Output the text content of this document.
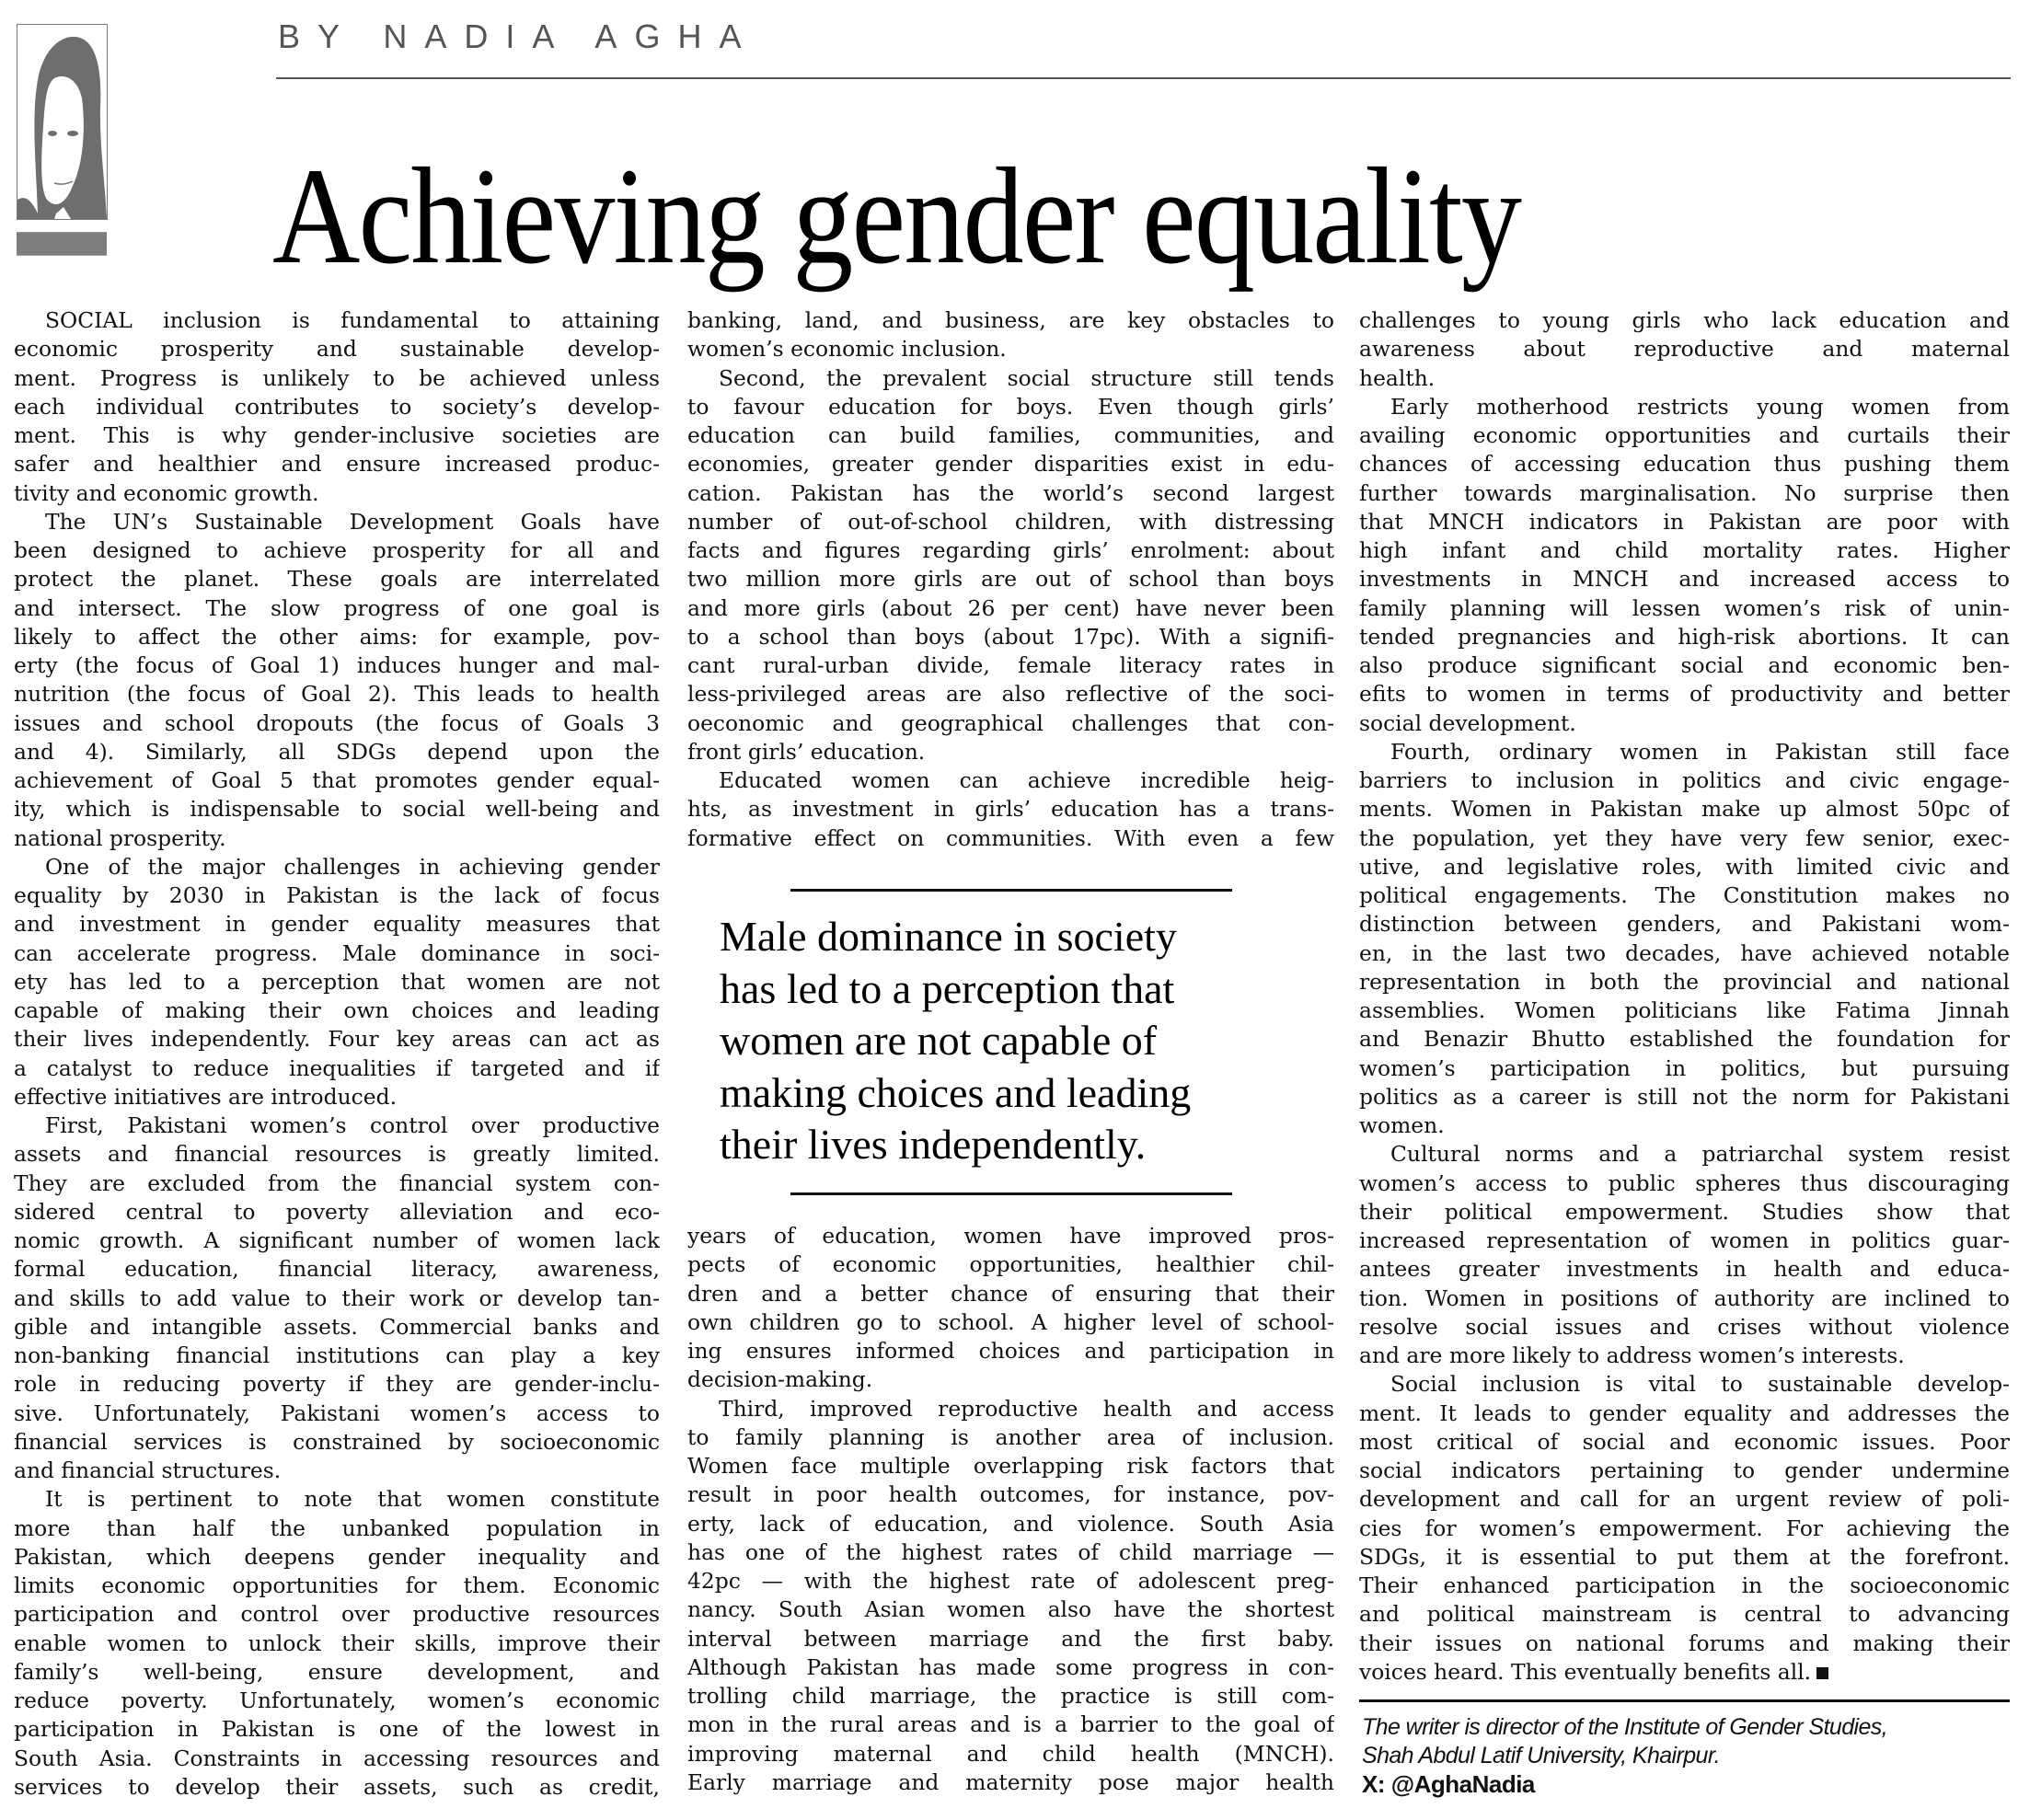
BY NADIA AGHA
Achieving gender equality
SOCIAL inclusion is fundamental to attaining
economic prosperity and sustainable develop-
ment. Progress is unlikely to be achieved unless
each individual contributes to society’s develop-
ment. This is why gender-inclusive societies are
safer and healthier and ensure increased produc-
tivity and economic growth.
The UN’s Sustainable Development Goals have
been designed to achieve prosperity for all and
protect the planet. These goals are interrelated
and intersect. The slow progress of one goal is
likely to affect the other aims: for example, pov-
erty (the focus of Goal 1) induces hunger and mal-
nutrition (the focus of Goal 2). This leads to health
issues and school dropouts (the focus of Goals 3
and 4). Similarly, all SDGs depend upon the
achievement of Goal 5 that promotes gender equal-
ity, which is indispensable to social well-being and
national prosperity.
One of the major challenges in achieving gender
equality by 2030 in Pakistan is the lack of focus
and investment in gender equality measures that
can accelerate progress. Male dominance in soci-
ety has led to a perception that women are not
capable of making their own choices and leading
their lives independently. Four key areas can act as
a catalyst to reduce inequalities if targeted and if
effective initiatives are introduced.
First, Pakistani women’s control over productive
assets and financial resources is greatly limited.
They are excluded from the financial system con-
sidered central to poverty alleviation and eco-
nomic growth. A significant number of women lack
formal education, financial literacy, awareness,
and skills to add value to their work or develop tan-
gible and intangible assets. Commercial banks and
non-banking financial institutions can play a key
role in reducing poverty if they are gender-inclu-
sive. Unfortunately, Pakistani women’s access to
financial services is constrained by socioeconomic
and financial structures.
It is pertinent to note that women constitute
more than half the unbanked population in
Pakistan, which deepens gender inequality and
limits economic opportunities for them. Economic
participation and control over productive resources
enable women to unlock their skills, improve their
family’s well-being, ensure development, and
reduce poverty. Unfortunately, women’s economic
participation in Pakistan is one of the lowest in
South Asia. Constraints in accessing resources and
services to develop their assets, such as credit,
banking, land, and business, are key obstacles to
women’s economic inclusion.
Second, the prevalent social structure still tends
to favour education for boys. Even though girls’
education can build families, communities, and
economies, greater gender disparities exist in edu-
cation. Pakistan has the world’s second largest
number of out-of-school children, with distressing
facts and figures regarding girls’ enrolment: about
two million more girls are out of school than boys
and more girls (about 26 per cent) have never been
to a school than boys (about 17pc). With a signifi-
cant rural-urban divide, female literacy rates in
less-privileged areas are also reflective of the soci-
oeconomic and geographical challenges that con-
front girls’ education.
Educated women can achieve incredible heig-
hts, as investment in girls’ education has a trans-
formative effect on communities. With even a few
Male dominance in society
has led to a perception that
women are not capable of
making choices and leading
their lives independently.
years of education, women have improved pros-
pects of economic opportunities, healthier chil-
dren and a better chance of ensuring that their
own children go to school. A higher level of school-
ing ensures informed choices and participation in
decision-making.
Third, improved reproductive health and access
to family planning is another area of inclusion.
Women face multiple overlapping risk factors that
result in poor health outcomes, for instance, pov-
erty, lack of education, and violence. South Asia
has one of the highest rates of child marriage —
42pc — with the highest rate of adolescent preg-
nancy. South Asian women also have the shortest
interval between marriage and the first baby.
Although Pakistan has made some progress in con-
trolling child marriage, the practice is still com-
mon in the rural areas and is a barrier to the goal of
improving maternal and child health (MNCH).
Early marriage and maternity pose major health
challenges to young girls who lack education and
awareness about reproductive and maternal
health.
Early motherhood restricts young women from
availing economic opportunities and curtails their
chances of accessing education thus pushing them
further towards marginalisation. No surprise then
that MNCH indicators in Pakistan are poor with
high infant and child mortality rates. Higher
investments in MNCH and increased access to
family planning will lessen women’s risk of unin-
tended pregnancies and high-risk abortions. It can
also produce significant social and economic ben-
efits to women in terms of productivity and better
social development.
Fourth, ordinary women in Pakistan still face
barriers to inclusion in politics and civic engage-
ments. Women in Pakistan make up almost 50pc of
the population, yet they have very few senior, exec-
utive, and legislative roles, with limited civic and
political engagements. The Constitution makes no
distinction between genders, and Pakistani wom-
en, in the last two decades, have achieved notable
representation in both the provincial and national
assemblies. Women politicians like Fatima Jinnah
and Benazir Bhutto established the foundation for
women’s participation in politics, but pursuing
politics as a career is still not the norm for Pakistani
women.
Cultural norms and a patriarchal system resist
women’s access to public spheres thus discouraging
their political empowerment. Studies show that
increased representation of women in politics guar-
antees greater investments in health and educa-
tion. Women in positions of authority are inclined to
resolve social issues and crises without violence
and are more likely to address women’s interests.
Social inclusion is vital to sustainable develop-
ment. It leads to gender equality and addresses the
most critical of social and economic issues. Poor
social indicators pertaining to gender undermine
development and call for an urgent review of poli-
cies for women’s empowerment. For achieving the
SDGs, it is essential to put them at the forefront.
Their enhanced participation in the socioeconomic
and political mainstream is central to advancing
their issues on national forums and making their
voices heard. This eventually benefits all.
The writer is director of the Institute of Gender Studies,
Shah Abdul Latif University, Khairpur.
X: @AghaNadia
